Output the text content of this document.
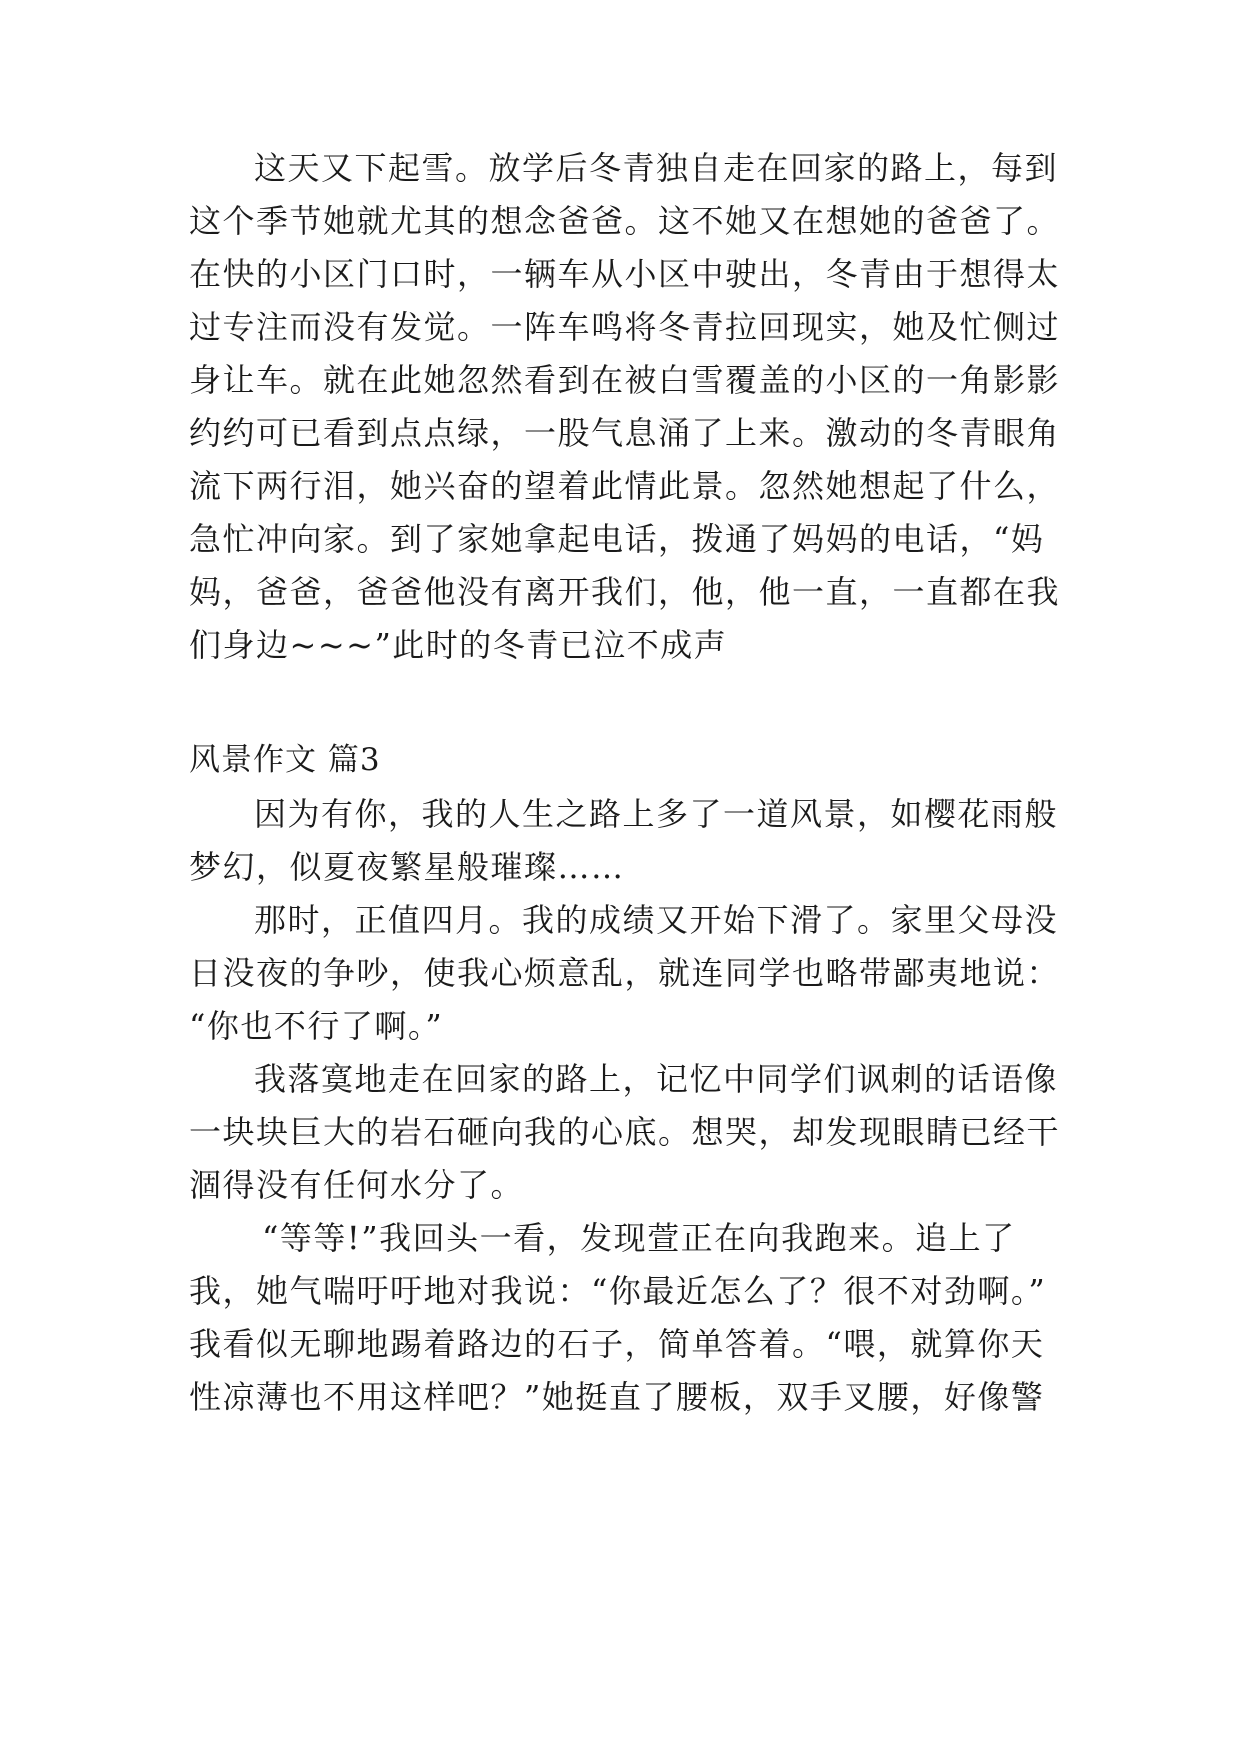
这天又下起雪。放学后冬青独自走在回家的路上，每到
这个季节她就尤其的想念爸爸。这不她又在想她的爸爸了。
在快的小区门口时，一辆车从小区中驶出，冬青由于想得太
过专注而没有发觉。一阵车鸣将冬青拉回现实，她及忙侧过
身让车。就在此她忽然看到在被白雪覆盖的小区的一角影影
约约可已看到点点绿，一股气息涌了上来。激动的冬青眼角
流下两行泪，她兴奋的望着此情此景。忽然她想起了什么，
急忙冲向家。到了家她拿起电话，拨通了妈妈的电话，“妈
妈，爸爸，爸爸他没有离开我们，他，他一直，一直都在我
们身边~~~”此时的冬青已泣不成声
风景作文 篇3
因为有你，我的人生之路上多了一道风景，如樱花雨般
梦幻，似夏夜繁星般璀璨……
那时，正值四月。我的成绩又开始下滑了。家里父母没
日没夜的争吵，使我心烦意乱，就连同学也略带鄙夷地说：
“你也不行了啊。”
我落寞地走在回家的路上，记忆中同学们讽刺的话语像
一块块巨大的岩石砸向我的心底。想哭，却发现眼睛已经干
涸得没有任何水分了。
“等等!”我回头一看，发现萱正在向我跑来。追上了
我，她气喘吁吁地对我说：“你最近怎么了？很不对劲啊。”
我看似无聊地踢着路边的石子，简单答着。“喂，就算你天
性凉薄也不用这样吧？”她挺直了腰板，双手叉腰，好像警
